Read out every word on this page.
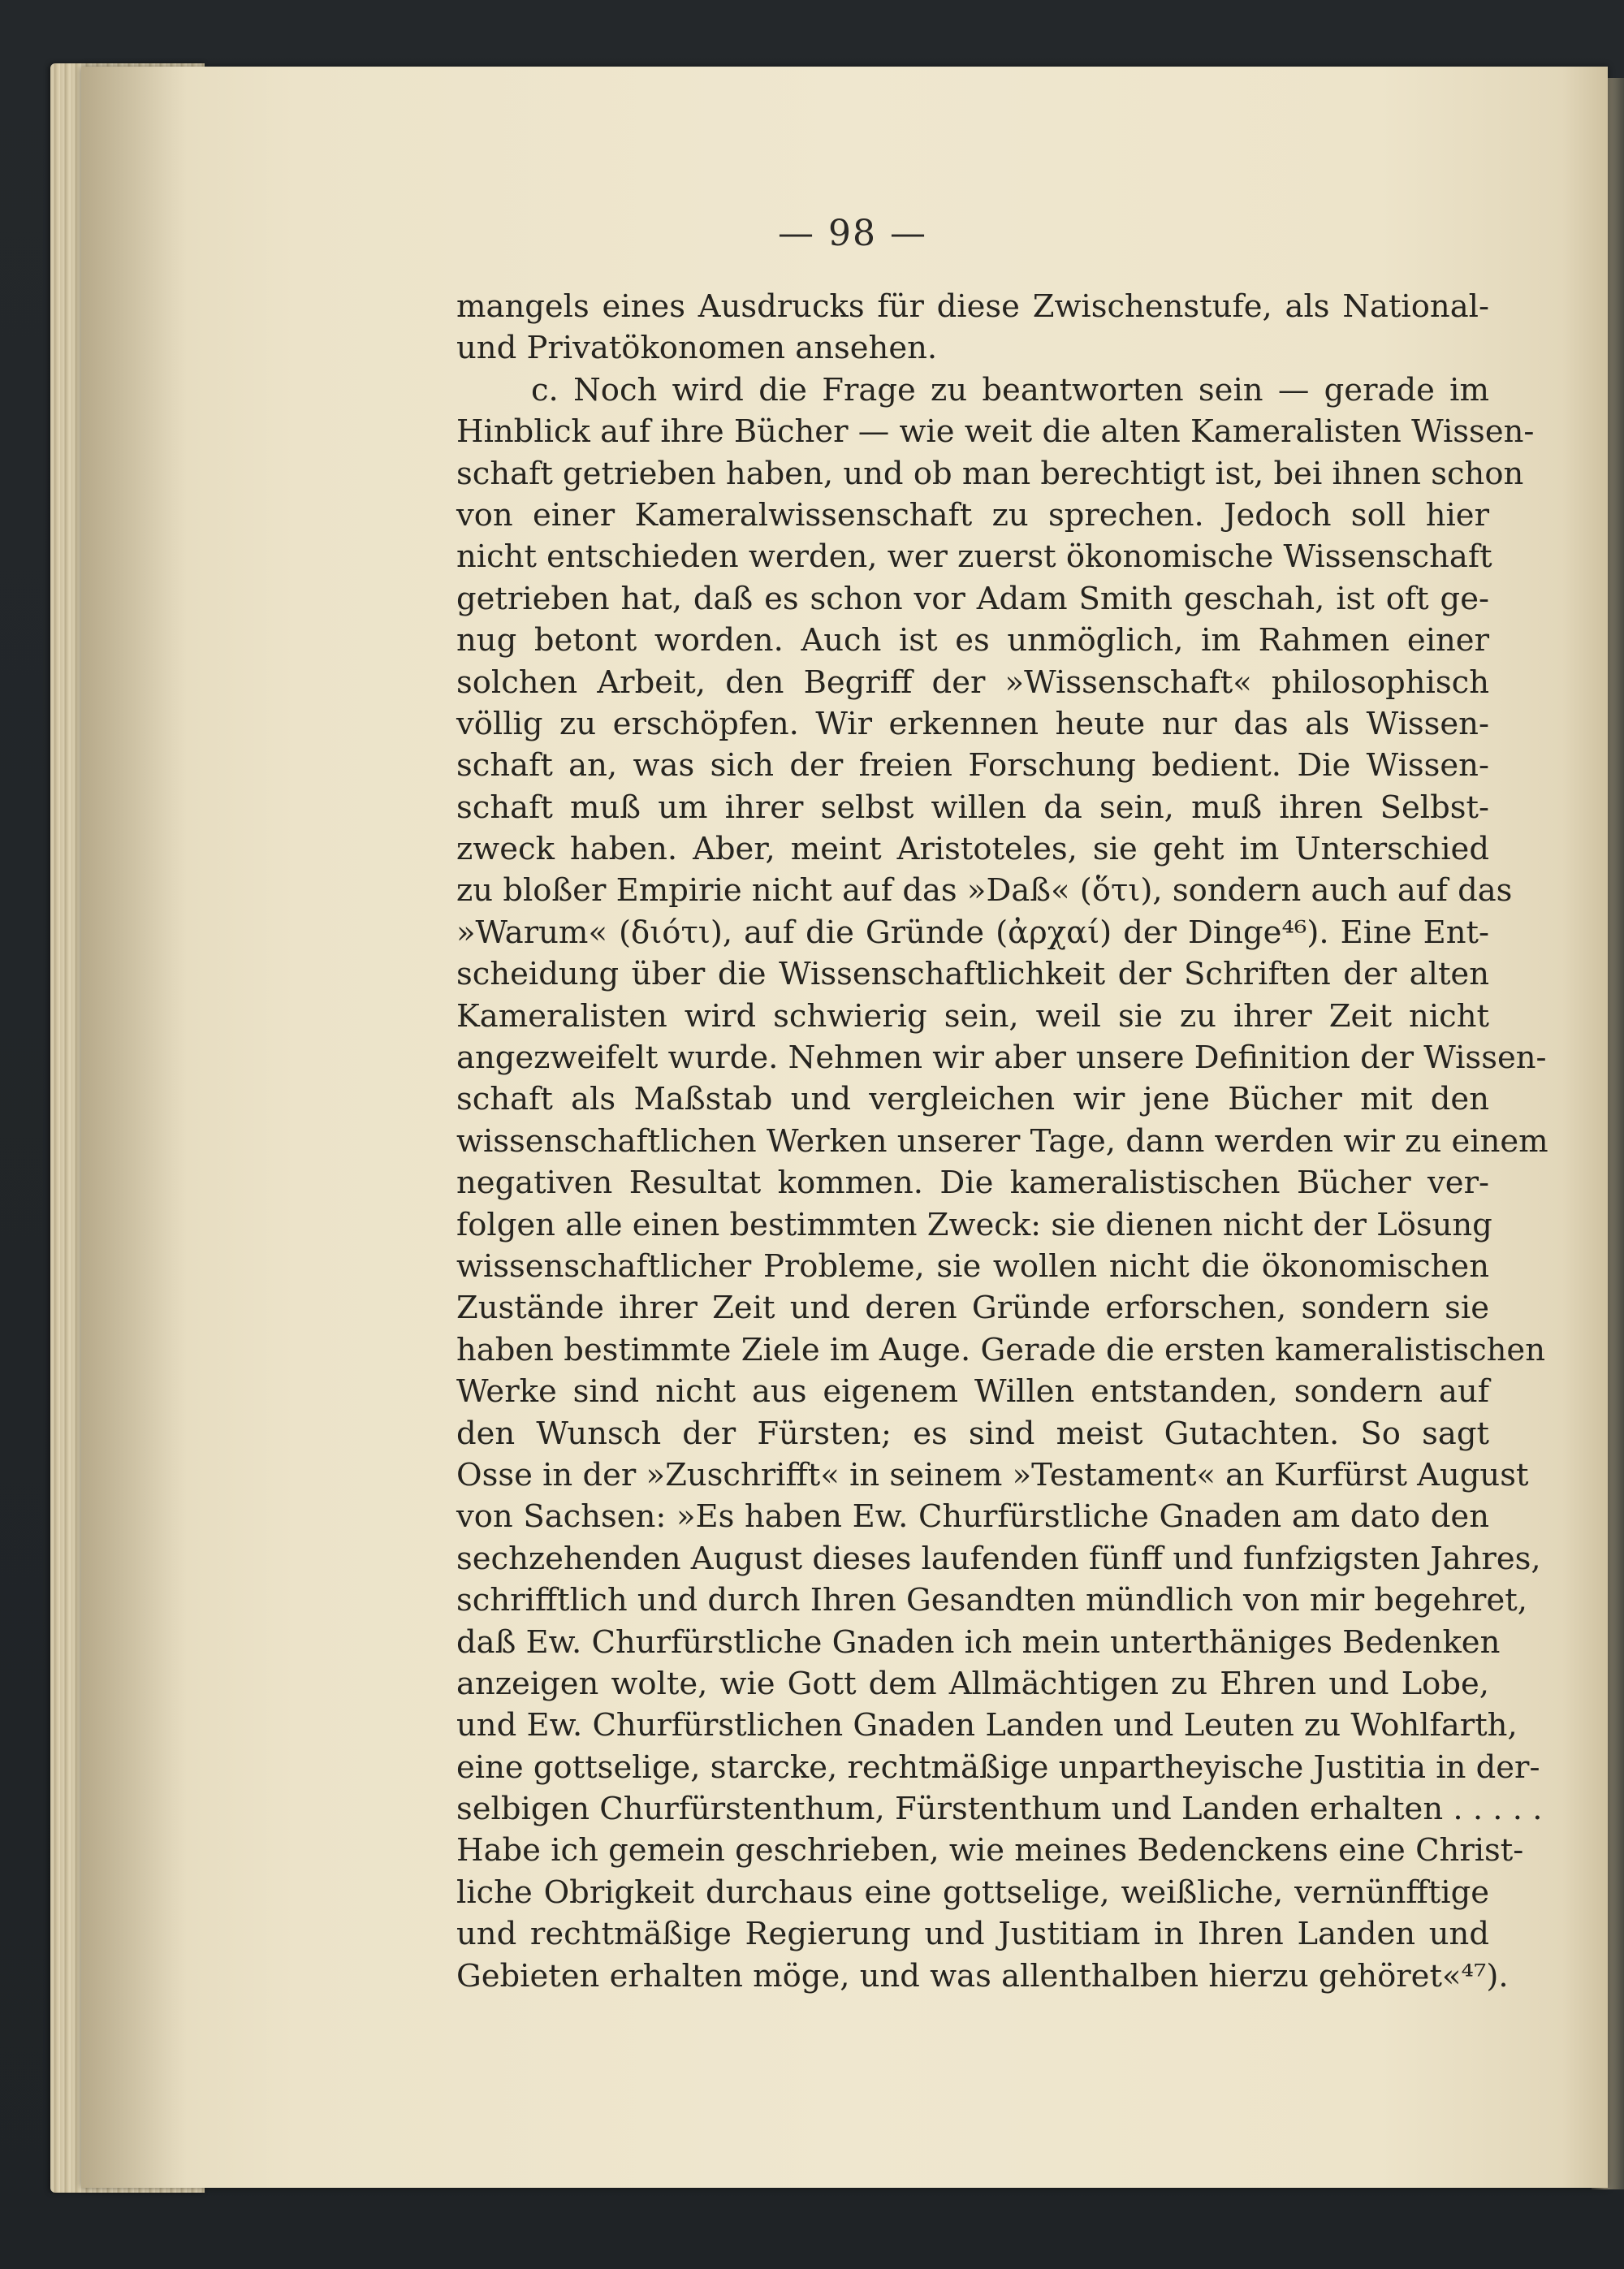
— 98 —
mangels eines Ausdrucks für diese Zwischenstufe, als National-
und Privatökonomen ansehen.
c. Noch wird die Frage zu beantworten sein — gerade im
Hinblick auf ihre Bücher — wie weit die alten Kameralisten Wissen-
schaft getrieben haben, und ob man berechtigt ist, bei ihnen schon
von einer Kameralwissenschaft zu sprechen. Jedoch soll hier
nicht entschieden werden, wer zuerst ökonomische Wissenschaft
getrieben hat, daß es schon vor Adam Smith geschah, ist oft ge-
nug betont worden. Auch ist es unmöglich, im Rahmen einer
solchen Arbeit, den Begriff der »Wissenschaft« philosophisch
völlig zu erschöpfen. Wir erkennen heute nur das als Wissen-
schaft an, was sich der freien Forschung bedient. Die Wissen-
schaft muß um ihrer selbst willen da sein, muß ihren Selbst-
zweck haben. Aber, meint Aristoteles, sie geht im Unterschied
zu bloßer Empirie nicht auf das »Daß« (ὅτι), sondern auch auf das
»Warum« (διότι), auf die Gründe (ἀρχαί) der Dinge⁴⁶). Eine Ent-
scheidung über die Wissenschaftlichkeit der Schriften der alten
Kameralisten wird schwierig sein, weil sie zu ihrer Zeit nicht
angezweifelt wurde. Nehmen wir aber unsere Definition der Wissen-
schaft als Maßstab und vergleichen wir jene Bücher mit den
wissenschaftlichen Werken unserer Tage, dann werden wir zu einem
negativen Resultat kommen. Die kameralistischen Bücher ver-
folgen alle einen bestimmten Zweck: sie dienen nicht der Lösung
wissenschaftlicher Probleme, sie wollen nicht die ökonomischen
Zustände ihrer Zeit und deren Gründe erforschen, sondern sie
haben bestimmte Ziele im Auge. Gerade die ersten kameralistischen
Werke sind nicht aus eigenem Willen entstanden, sondern auf
den Wunsch der Fürsten; es sind meist Gutachten. So sagt
Osse in der »Zuschrifft« in seinem »Testament« an Kurfürst August
von Sachsen: »Es haben Ew. Churfürstliche Gnaden am dato den
sechzehenden August dieses laufenden fünff und funfzigsten Jahres,
schrifftlich und durch Ihren Gesandten mündlich von mir begehret,
daß Ew. Churfürstliche Gnaden ich mein unterthäniges Bedenken
anzeigen wolte, wie Gott dem Allmächtigen zu Ehren und Lobe,
und Ew. Churfürstlichen Gnaden Landen und Leuten zu Wohlfarth,
eine gottselige, starcke, rechtmäßige unpartheyische Justitia in der-
selbigen Churfürstenthum, Fürstenthum und Landen erhalten . . . . .
Habe ich gemein geschrieben, wie meines Bedenckens eine Christ-
liche Obrigkeit durchaus eine gottselige, weißliche, vernünfftige
und rechtmäßige Regierung und Justitiam in Ihren Landen und
Gebieten erhalten möge, und was allenthalben hierzu gehöret«⁴⁷).
